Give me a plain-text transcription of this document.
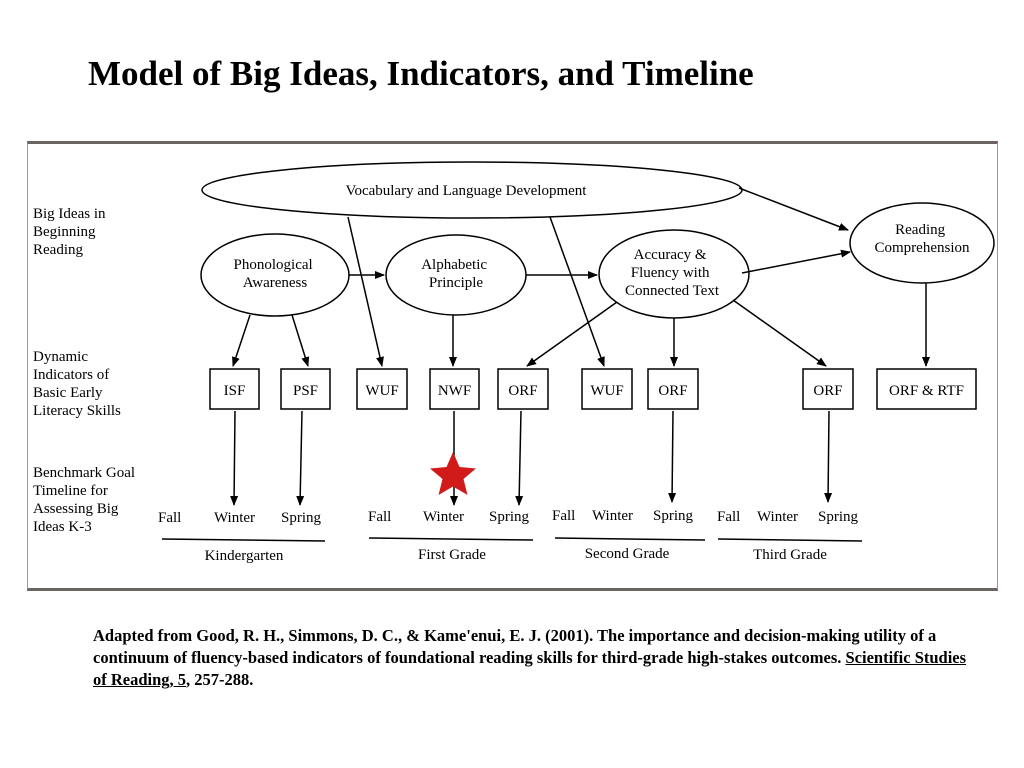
Model of Big Ideas, Indicators, and Timeline
Big Ideas in Beginning Reading
Dynamic Indicators of Basic Early Literacy Skills
Benchmark Goal Timeline for Assessing Big Ideas K-3
Vocabulary and Language Development
Phonological Awareness
Alphabetic Principle
Accuracy & Fluency with Connected Text
Reading Comprehension
ISF	PSF	WUF	NWF ORF	WUF ORF	ORF	ORF & RTF
Fall Winter Spring	Fall Winter Spring Fall Winter Spring Fall Winter Spring
Kindergarten	First Grade	Second Grade	Third Grade
Adapted from Good, R. H., Simmons, D. C., & Kame'enui, E. J. (2001). The importance and decision-making utility of a continuum of fluency-based indicators of foundational reading skills for third-grade high-stakes outcomes. Scientific Studies of Reading, 5, 257-288.
